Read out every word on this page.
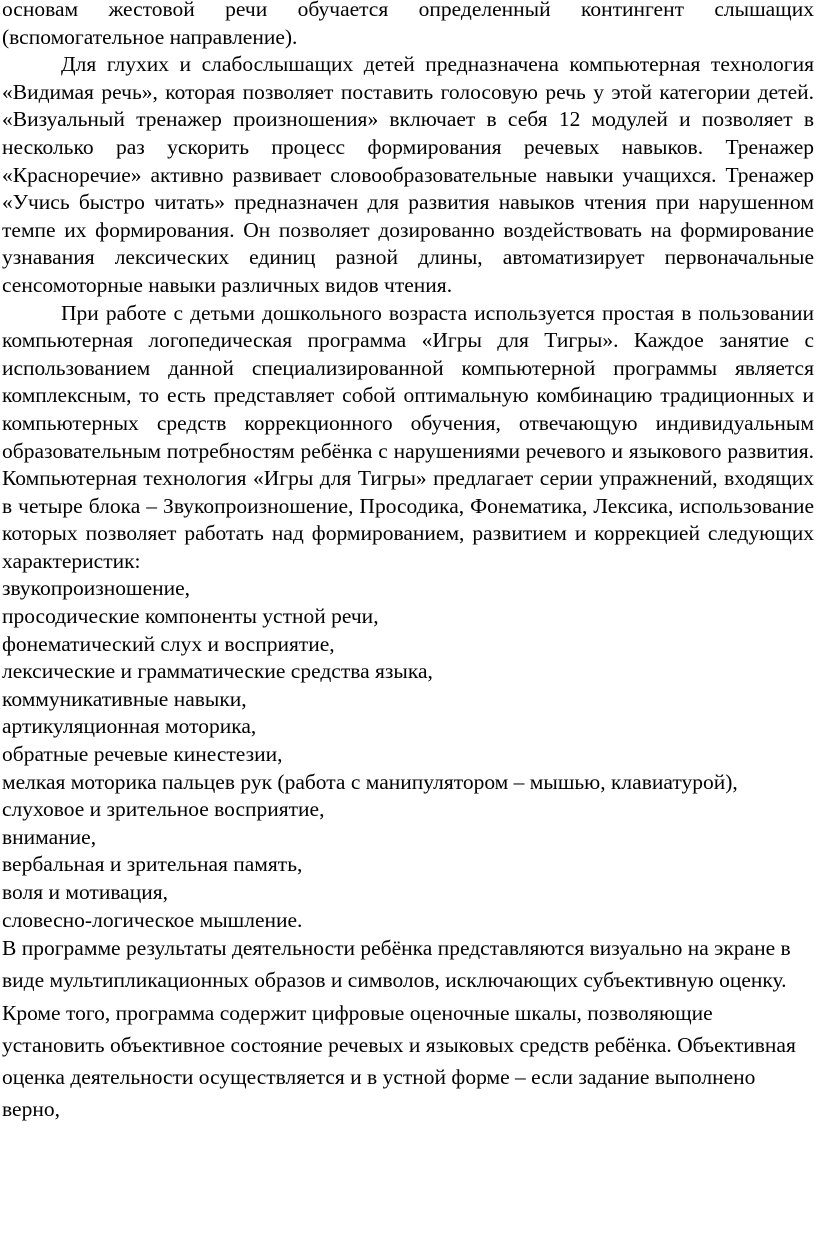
основам жестовой речи обучается определенный контингент слышащих (вспомогательное направление).

Для глухих и слабослышащих детей предназначена компьютерная технология «Видимая речь», которая позволяет поставить голосовую речь у этой категории детей. «Визуальный тренажер произношения» включает в себя 12 модулей и позволяет в несколько раз ускорить процесс формирования речевых навыков. Тренажер «Красноречие» активно развивает словообразовательные навыки учащихся. Тренажер «Учись быстро читать» предназначен для развития навыков чтения при нарушенном темпе их формирования. Он позволяет дозированно воздействовать на формирование узнавания лексических единиц разной длины, автоматизирует первоначальные сенсомоторные навыки различных видов чтения.

При работе с детьми дошкольного возраста используется простая в пользовании компьютерная логопедическая программа «Игры для Тигры». Каждое занятие с использованием данной специализированной компьютерной программы является комплексным, то есть представляет собой оптимальную комбинацию традиционных и компьютерных средств коррекционного обучения, отвечающую индивидуальным образовательным потребностям ребёнка с нарушениями речевого и языкового развития. Компьютерная технология «Игры для Тигры» предлагает серии упражнений, входящих в четыре блока – Звукопроизношение, Просодика, Фонематика, Лексика, использование которых позволяет работать над формированием, развитием и коррекцией следующих характеристик:

звукопроизношение,
просодические компоненты устной речи,
фонематический слух и восприятие,
лексические и грамматические средства языка,
коммуникативные навыки,
артикуляционная моторика,
обратные речевые кинестезии,
мелкая моторика пальцев рук (работа с манипулятором – мышью, клавиатурой),
слуховое и зрительное восприятие,
внимание,
вербальная и зрительная память,
воля и мотивация,
словесно-логическое мышление.

В программе результаты деятельности ребёнка представляются визуально на экране в виде мультипликационных образов и символов, исключающих субъективную оценку. Кроме того, программа содержит цифровые оценочные шкалы, позволяющие установить объективное состояние речевых и языковых средств ребёнка. Объективная оценка деятельности осуществляется и в устной форме – если задание выполнено верно,
